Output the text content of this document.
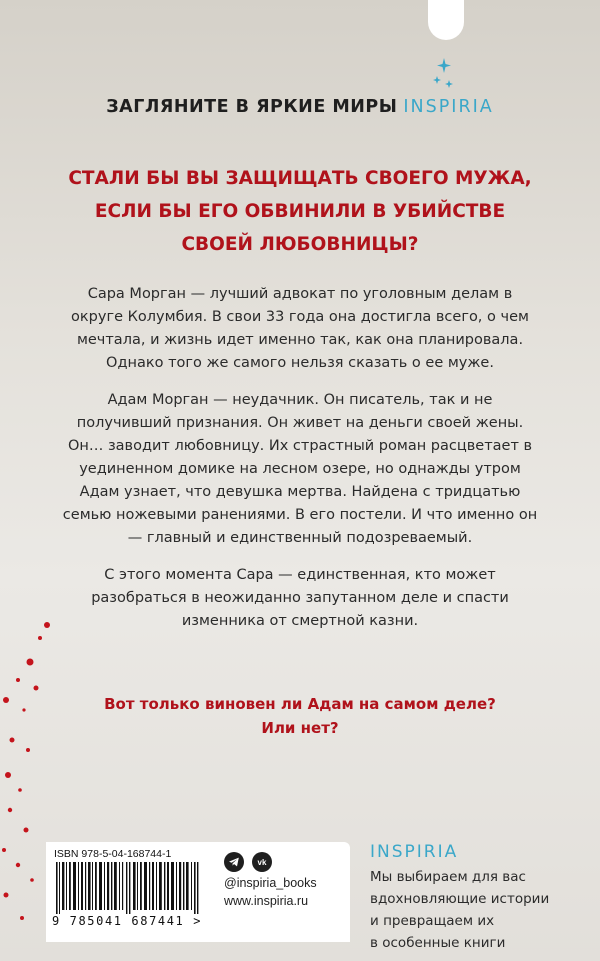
ЗАГЛЯНИТЕ В ЯРКИЕ МИРЫ INSPIRIA
СТАЛИ БЫ ВЫ ЗАЩИЩАТЬ СВОЕГО МУЖА,
ЕСЛИ БЫ ЕГО ОБВИНИЛИ В УБИЙСТВЕ
СВОЕЙ ЛЮБОВНИЦЫ?

Сара Морган — лучший адвокат по уголовным делам в округе Колумбия. В свои 33 года она достигла всего, о чем мечтала, и жизнь идет именно так, как она планировала. Однако того же самого нельзя сказать о ее муже.

Адам Морган — неудачник. Он писатель, так и не получивший признания. Он живет на деньги своей жены. Он… заводит любовницу. Их страстный роман расцветает в уединенном домике на лесном озере, но однажды утром Адам узнает, что девушка мертва. Найдена с тридцатью семью ножевыми ранениями. В его постели. И что именно он — главный и единственный подозреваемый.

С этого момента Сара — единственная, кто может разобраться в неожиданно запутанном деле и спасти изменника от смертной казни.

Вот только виновен ли Адам на самом деле?
Или нет?
ISBN 978-5-04-168744-1
9 785041 687441 >
vk
@inspiria_books
www.inspiria.ru
INSPIRIA
Мы выбираем для вас
вдохновляющие истории
и превращаем их
в особенные книги
